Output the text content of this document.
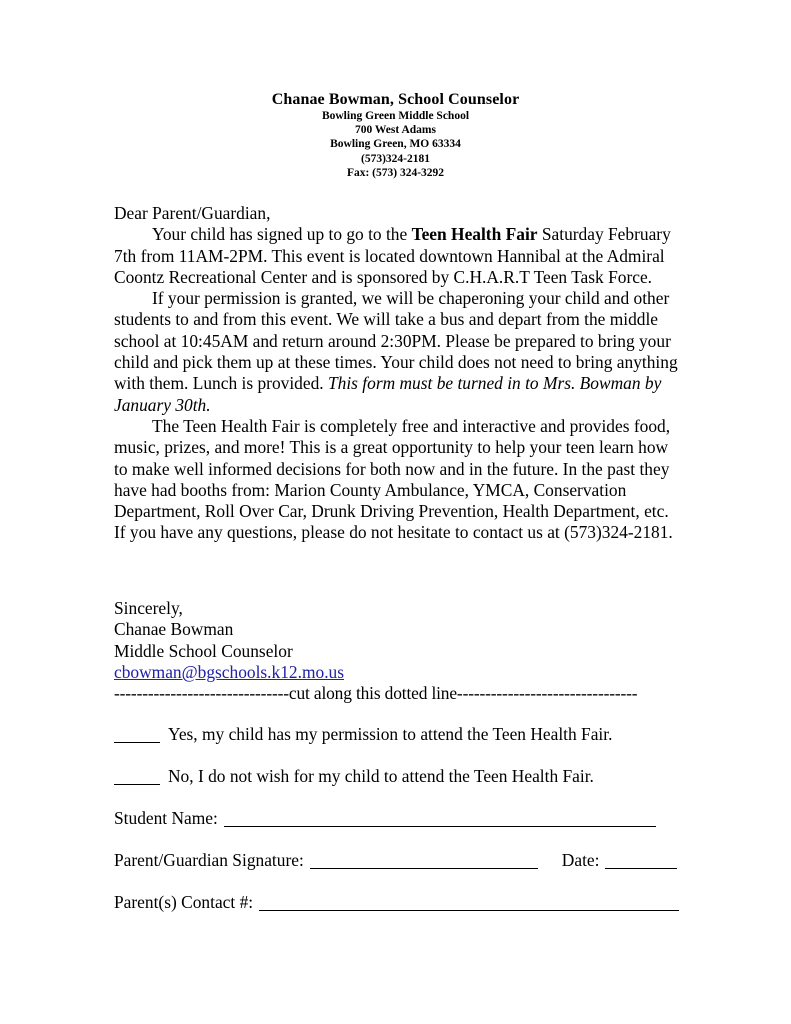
Chanae Bowman, School Counselor
Bowling Green Middle School
700 West Adams
Bowling Green, MO 63334
(573)324-2181
Fax: (573) 324-3292

Dear Parent/Guardian,

Your child has signed up to go to the Teen Health Fair Saturday February 7th from 11AM-2PM. This event is located downtown Hannibal at the Admiral Coontz Recreational Center and is sponsored by C.H.A.R.T Teen Task Force.

If your permission is granted, we will be chaperoning your child and other students to and from this event. We will take a bus and depart from the middle school at 10:45AM and return around 2:30PM. Please be prepared to bring your child and pick them up at these times. Your child does not need to bring anything with them. Lunch is provided. This form must be turned in to Mrs. Bowman by January 30th.

The Teen Health Fair is completely free and interactive and provides food, music, prizes, and more! This is a great opportunity to help your teen learn how to make well informed decisions for both now and in the future. In the past they have had booths from: Marion County Ambulance, YMCA, Conservation Department, Roll Over Car, Drunk Driving Prevention, Health Department, etc. If you have any questions, please do not hesitate to contact us at (573)324-2181.

Sincerely,
Chanae Bowman
Middle School Counselor
cbowman@bgschools.k12.mo.us
-------------------------------cut along this dotted line--------------------------------
Yes, my child has my permission to attend the Teen Health Fair.
No, I do not wish for my child to attend the Teen Health Fair.
Student Name:
Parent/Guardian Signature:	Date:
Parent(s) Contact #:
